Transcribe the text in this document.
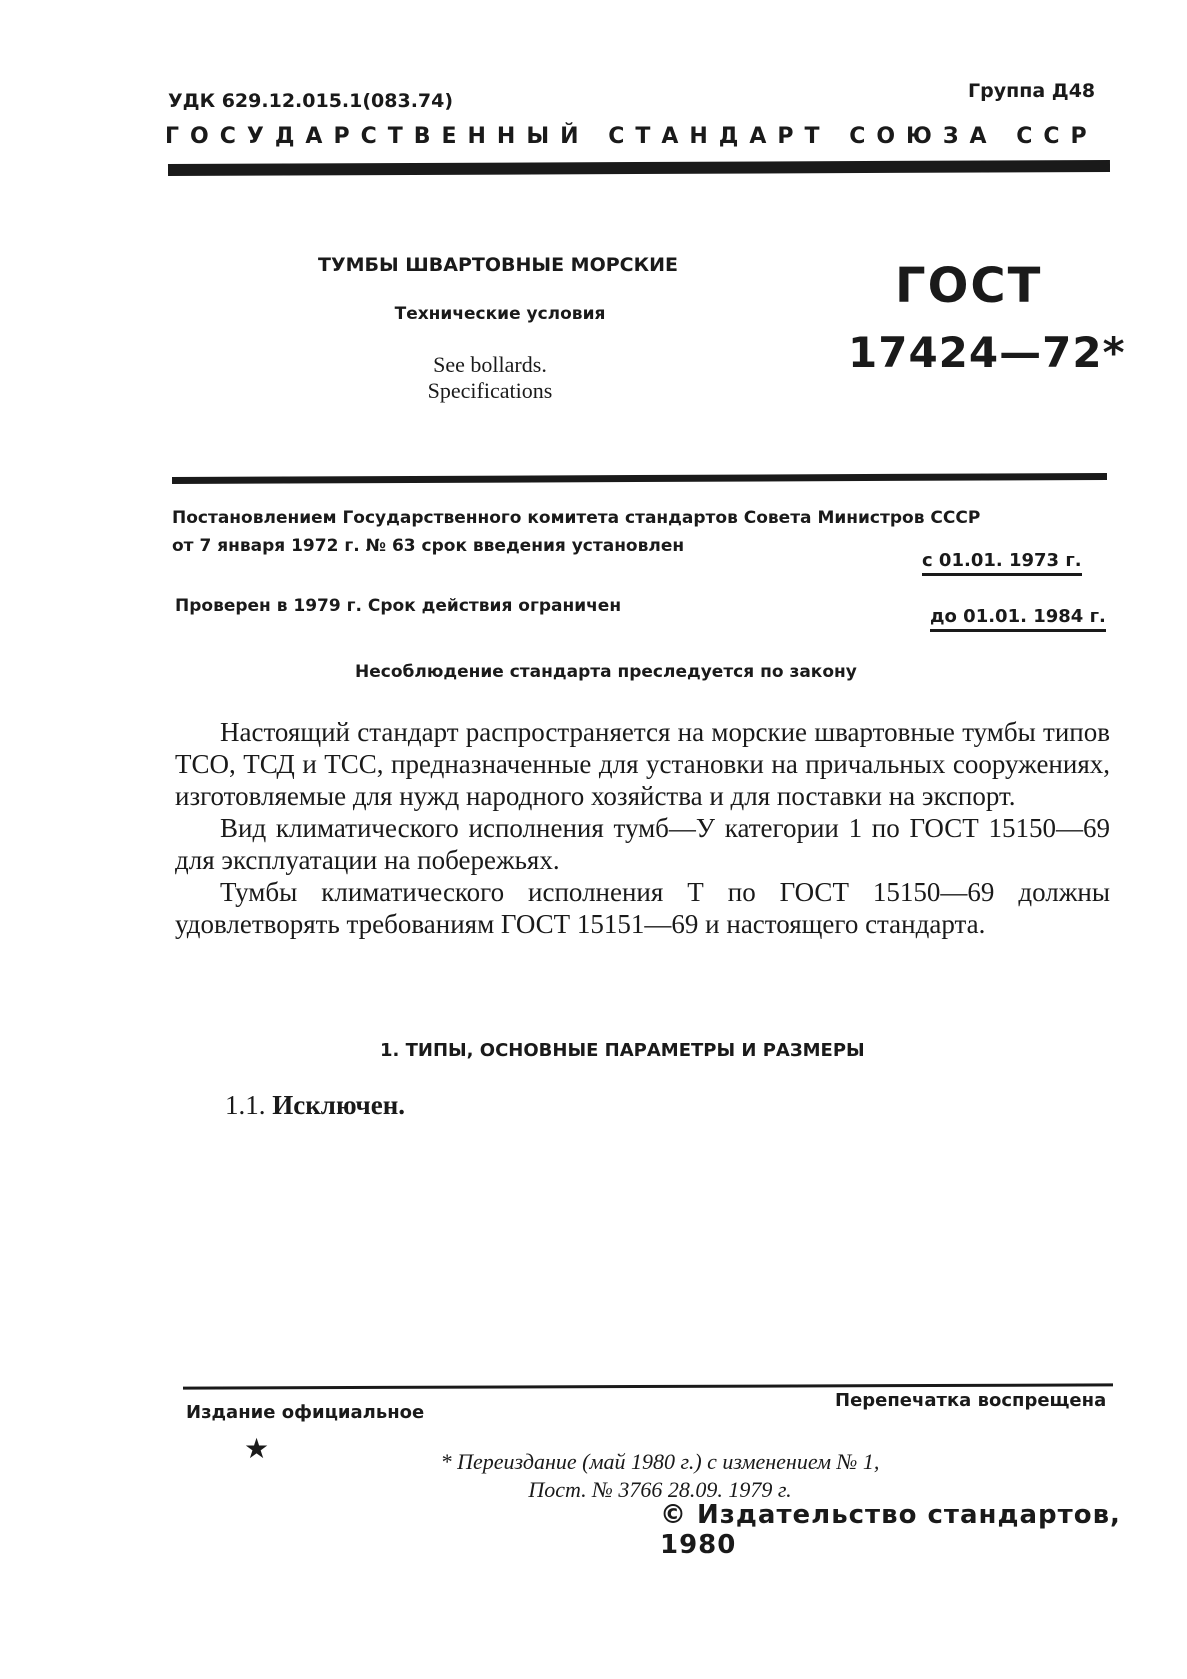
УДК 629.12.015.1(083.74)	Группа Д48
ГОСУДАРСТВЕННЫЙ СТАНДАРТ СОЮЗА ССР
ТУМБЫ ШВАРТОВНЫЕ МОРСКИЕ
Технические условия
See bollards.
Specifications
ГОСТ
17424—72*
Постановлением Государственного комитета стандартов Совета Министров СССР
от 7 января 1972 г. № 63 срок введения установлен
с 01.01. 1973 г.
Проверен в 1979 г. Срок действия ограничен	до 01.01. 1984 г.
Несоблюдение стандарта преследуется по закону

Настоящий стандарт распространяется на морские швартовные тумбы типов ТСО, ТСД и ТСС, предназначенные для установки на причальных сооружениях, изготовляемые для нужд народного хозяйства и для поставки на экспорт.

Вид климатического исполнения тумб—У категории 1 по ГОСТ 15150—69 для эксплуатации на побережьях.

Тумбы климатического исполнения Т по ГОСТ 15150—69 должны удовлетворять требованиям ГОСТ 15151—69 и настоящего стандарта.

1. ТИПЫ, ОСНОВНЫЕ ПАРАМЕТРЫ И РАЗМЕРЫ
1.1. Исключен.
Издание официальное
★
Перепечатка воспрещена
* Переиздание (май 1980 г.) с изменением № 1,
Пост. № 3766 28.09. 1979 г.
© Издательство стандартов, 1980
